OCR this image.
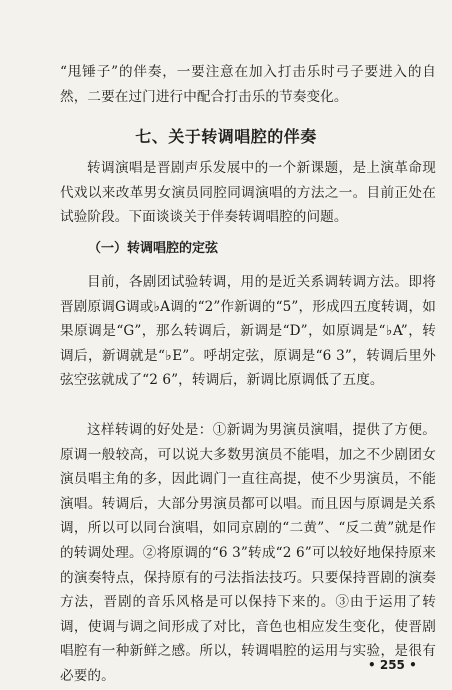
“甩锤子”的伴奏，一要注意在加入打击乐时弓子要进入的自然，二要在过门进行中配合打击乐的节奏变化。

七、关于转调唱腔的伴奏

转调演唱是晋剧声乐发展中的一个新课题，是上演革命现代戏以来改革男女演员同腔同调演唱的方法之一。目前正处在试验阶段。下面谈谈关于伴奏转调唱腔的问题。

（一）转调唱腔的定弦

目前，各剧团试验转调，用的是近关系调转调方法。即将晋剧原调G调或♭A调的“2”作新调的“5”，形成四五度转调，如果原调是“G”，那么转调后，新调是“D”，如原调是“♭A”，转调后，新调就是“♭E”。呼胡定弦，原调是“6 3”，转调后里外弦空弦就成了“2 6”，转调后，新调比原调低了五度。

这样转调的好处是：①新调为男演员演唱，提供了方便。原调一般较高，可以说大多数男演员不能唱，加之不少剧团女演员唱主角的多，因此调门一直往高提，使不少男演员，不能演唱。转调后，大部分男演员都可以唱。而且因与原调是关系调，所以可以同台演唱，如同京剧的“二黄”、“反二黄”就是作的转调处理。②将原调的“6 3”转成“2 6”可以较好地保持原来的演奏特点，保持原有的弓法指法技巧。只要保持晋剧的演奏方法，晋剧的音乐风格是可以保持下来的。③由于运用了转调，使调与调之间形成了对比，音色也相应发生变化，使晋剧唱腔有一种新鲜之感。所以，转调唱腔的运用与实验，是很有必要的。

• 255 •
